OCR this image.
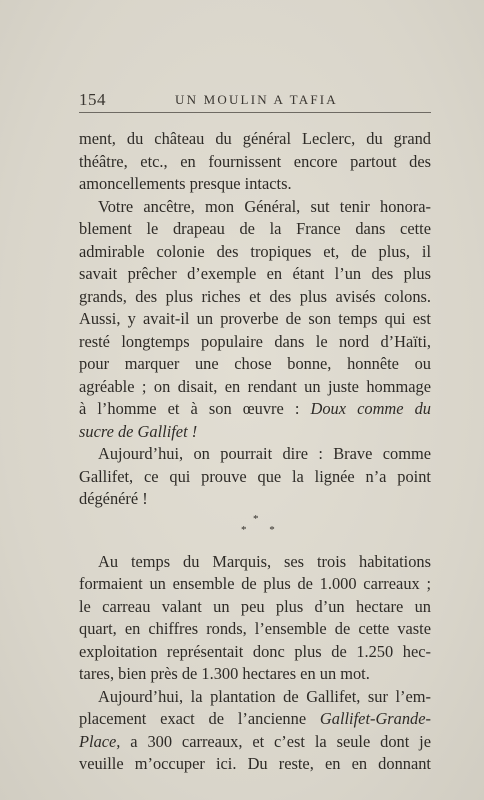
154	UN MOULIN A TAFIA
ment, du château du général Leclerc, du grand
théâtre, etc., en fournissent encore partout des
amoncellements presque intacts.
Votre ancêtre, mon Général, sut tenir honora-
blement le drapeau de la France dans cette
admirable colonie des tropiques et, de plus, il
savait prêcher d’exemple en étant l’un des plus
grands, des plus riches et des plus avisés colons.
Aussi, y avait-il un proverbe de son temps qui est
resté longtemps populaire dans le nord d’Haïti,
pour marquer une chose bonne, honnête ou
agréable ; on disait, en rendant un juste hommage
à l’homme et à son œuvre : Doux comme du
sucre de Gallifet !
Aujourd’hui, on pourrait dire : Brave comme
Gallifet, ce qui prouve que la lignée n’a point
dégénéré !
*
* *
Au temps du Marquis, ses trois habitations
formaient un ensemble de plus de 1.000 carreaux ;
le carreau valant un peu plus d’un hectare un
quart, en chiffres ronds, l’ensemble de cette vaste
exploitation représentait donc plus de 1.250 hec-
tares, bien près de 1.300 hectares en un mot.
Aujourd’hui, la plantation de Gallifet, sur l’em-
placement exact de l’ancienne Gallifet-Grande-
Place, a 300 carreaux, et c’est la seule dont je
veuille m’occuper ici. Du reste, en en donnant
